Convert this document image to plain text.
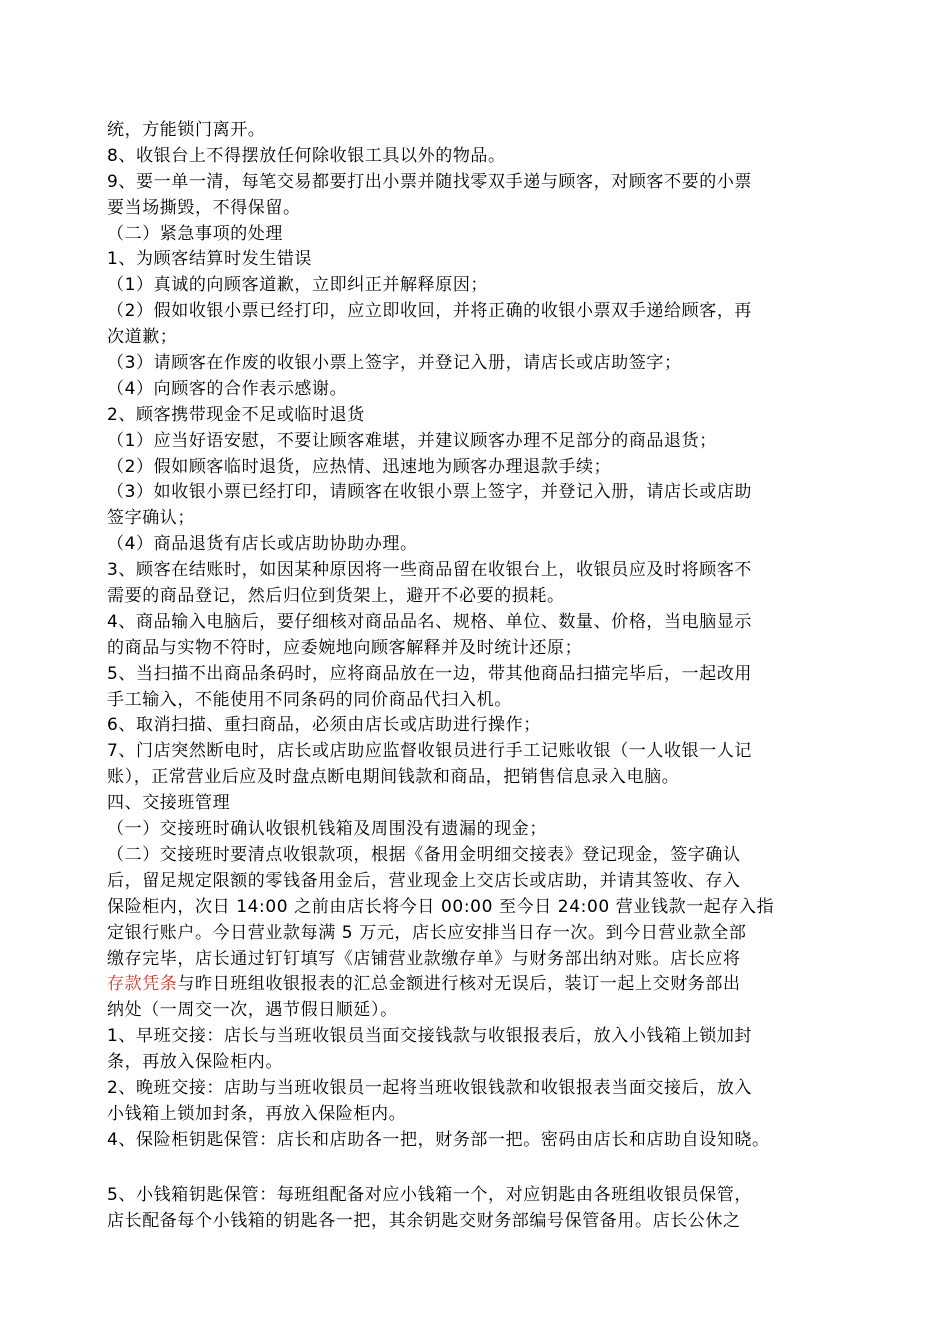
统，方能锁门离开。
8、收银台上不得摆放任何除收银工具以外的物品。
9、要一单一清，每笔交易都要打出小票并随找零双手递与顾客，对顾客不要的小票
要当场撕毁，不得保留。
（二）紧急事项的处理
1、为顾客结算时发生错误
（1）真诚的向顾客道歉，立即纠正并解释原因；
（2）假如收银小票已经打印，应立即收回，并将正确的收银小票双手递给顾客，再
次道歉；
（3）请顾客在作废的收银小票上签字，并登记入册，请店长或店助签字；
（4）向顾客的合作表示感谢。
2、顾客携带现金不足或临时退货
（1）应当好语安慰，不要让顾客难堪，并建议顾客办理不足部分的商品退货；
（2）假如顾客临时退货，应热情、迅速地为顾客办理退款手续；
（3）如收银小票已经打印，请顾客在收银小票上签字，并登记入册，请店长或店助
签字确认；
（4）商品退货有店长或店助协助办理。
3、顾客在结账时，如因某种原因将一些商品留在收银台上，收银员应及时将顾客不
需要的商品登记，然后归位到货架上，避开不必要的损耗。
4、商品输入电脑后，要仔细核对商品品名、规格、单位、数量、价格，当电脑显示
的商品与实物不符时，应委婉地向顾客解释并及时统计还原；
5、当扫描不出商品条码时，应将商品放在一边，带其他商品扫描完毕后，一起改用
手工输入，不能使用不同条码的同价商品代扫入机。
6、取消扫描、重扫商品，必须由店长或店助进行操作；
7、门店突然断电时，店长或店助应监督收银员进行手工记账收银（一人收银一人记
账），正常营业后应及时盘点断电期间钱款和商品，把销售信息录入电脑。
四、交接班管理
（一）交接班时确认收银机钱箱及周围没有遗漏的现金；
（二）交接班时要清点收银款项，根据《备用金明细交接表》登记现金，签字确认
后，留足规定限额的零钱备用金后，营业现金上交店长或店助，并请其签收、存入
保险柜内，次日 14:00 之前由店长将今日 00:00 至今日 24:00 营业钱款一起存入指
定银行账户。今日营业款每满 5 万元，店长应安排当日存一次。到今日营业款全部
缴存完毕，店长通过钉钉填写《店铺营业款缴存单》与财务部出纳对账。店长应将
存款凭条与昨日班组收银报表的汇总金额进行核对无误后，装订一起上交财务部出
纳处（一周交一次，遇节假日顺延）。
1、早班交接：店长与当班收银员当面交接钱款与收银报表后，放入小钱箱上锁加封
条，再放入保险柜内。
2、晚班交接：店助与当班收银员一起将当班收银钱款和收银报表当面交接后，放入
小钱箱上锁加封条，再放入保险柜内。
4、保险柜钥匙保管：店长和店助各一把，财务部一把。密码由店长和店助自设知晓。
5、小钱箱钥匙保管：每班组配备对应小钱箱一个，对应钥匙由各班组收银员保管，
店长配备每个小钱箱的钥匙各一把，其余钥匙交财务部编号保管备用。店长公休之
